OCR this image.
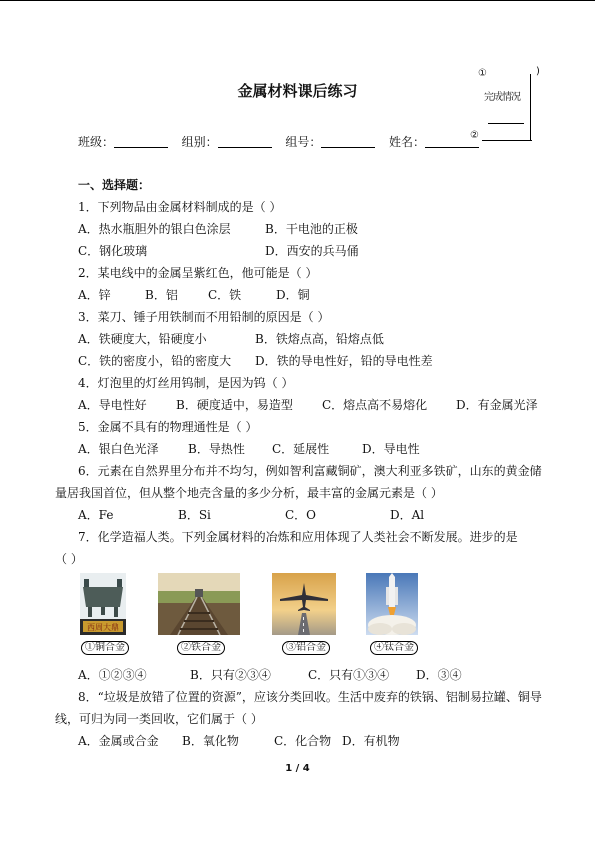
金属材料课后练习
①	)
完成情况
②
班级：	组别：	组号：	姓名：
一、选择题：
1．下列物品由金属材料制成的是（ ）
A．热水瓶胆外的银白色涂层	B．干电池的正极
C．钢化玻璃	D．西安的兵马俑
2．某电线中的金属呈紫红色，他可能是（ ）
A．锌	B．铝	C．铁	D．铜
3．菜刀、锤子用铁制而不用铅制的原因是（ ）
A．铁硬度大，铅硬度小	B．铁熔点高，铅熔点低
C．铁的密度小，铅的密度大 D．铁的导电性好，铅的导电性差
4．灯泡里的灯丝用钨制，是因为钨（ ）
A．导电性好 B．硬度适中，易造型 C．熔点高不易熔化 D．有金属光泽
5．金属不具有的物理通性是（ ）
A．银白色光泽 B．导热性 C．延展性	D．导电性
6．元素在自然界里分布并不均匀，例如智利富藏铜矿，澳大利亚多铁矿，山东的黄金储
量居我国首位，但从整个地壳含量的多少分析，最丰富的金属元素是（ ）
A．Fe	B．Si	C．O	D．Al
7．化学造福人类。下列金属材料的冶炼和应用体现了人类社会不断发展。进步的是
（ ）
西周大鼎
①铜合金	②铁合金	③铝合金	④钛合金
A．①②③④	B．只有②③④	C．只有①③④ D．③④
8．“垃圾是放错了位置的资源”，应该分类回收。生活中废弃的铁锅、铝制易拉罐、铜导
线，可归为同一类回收，它们属于（ ）
A．金属或合金 B．氧化物	C．化合物 D．有机物
1 / 4
